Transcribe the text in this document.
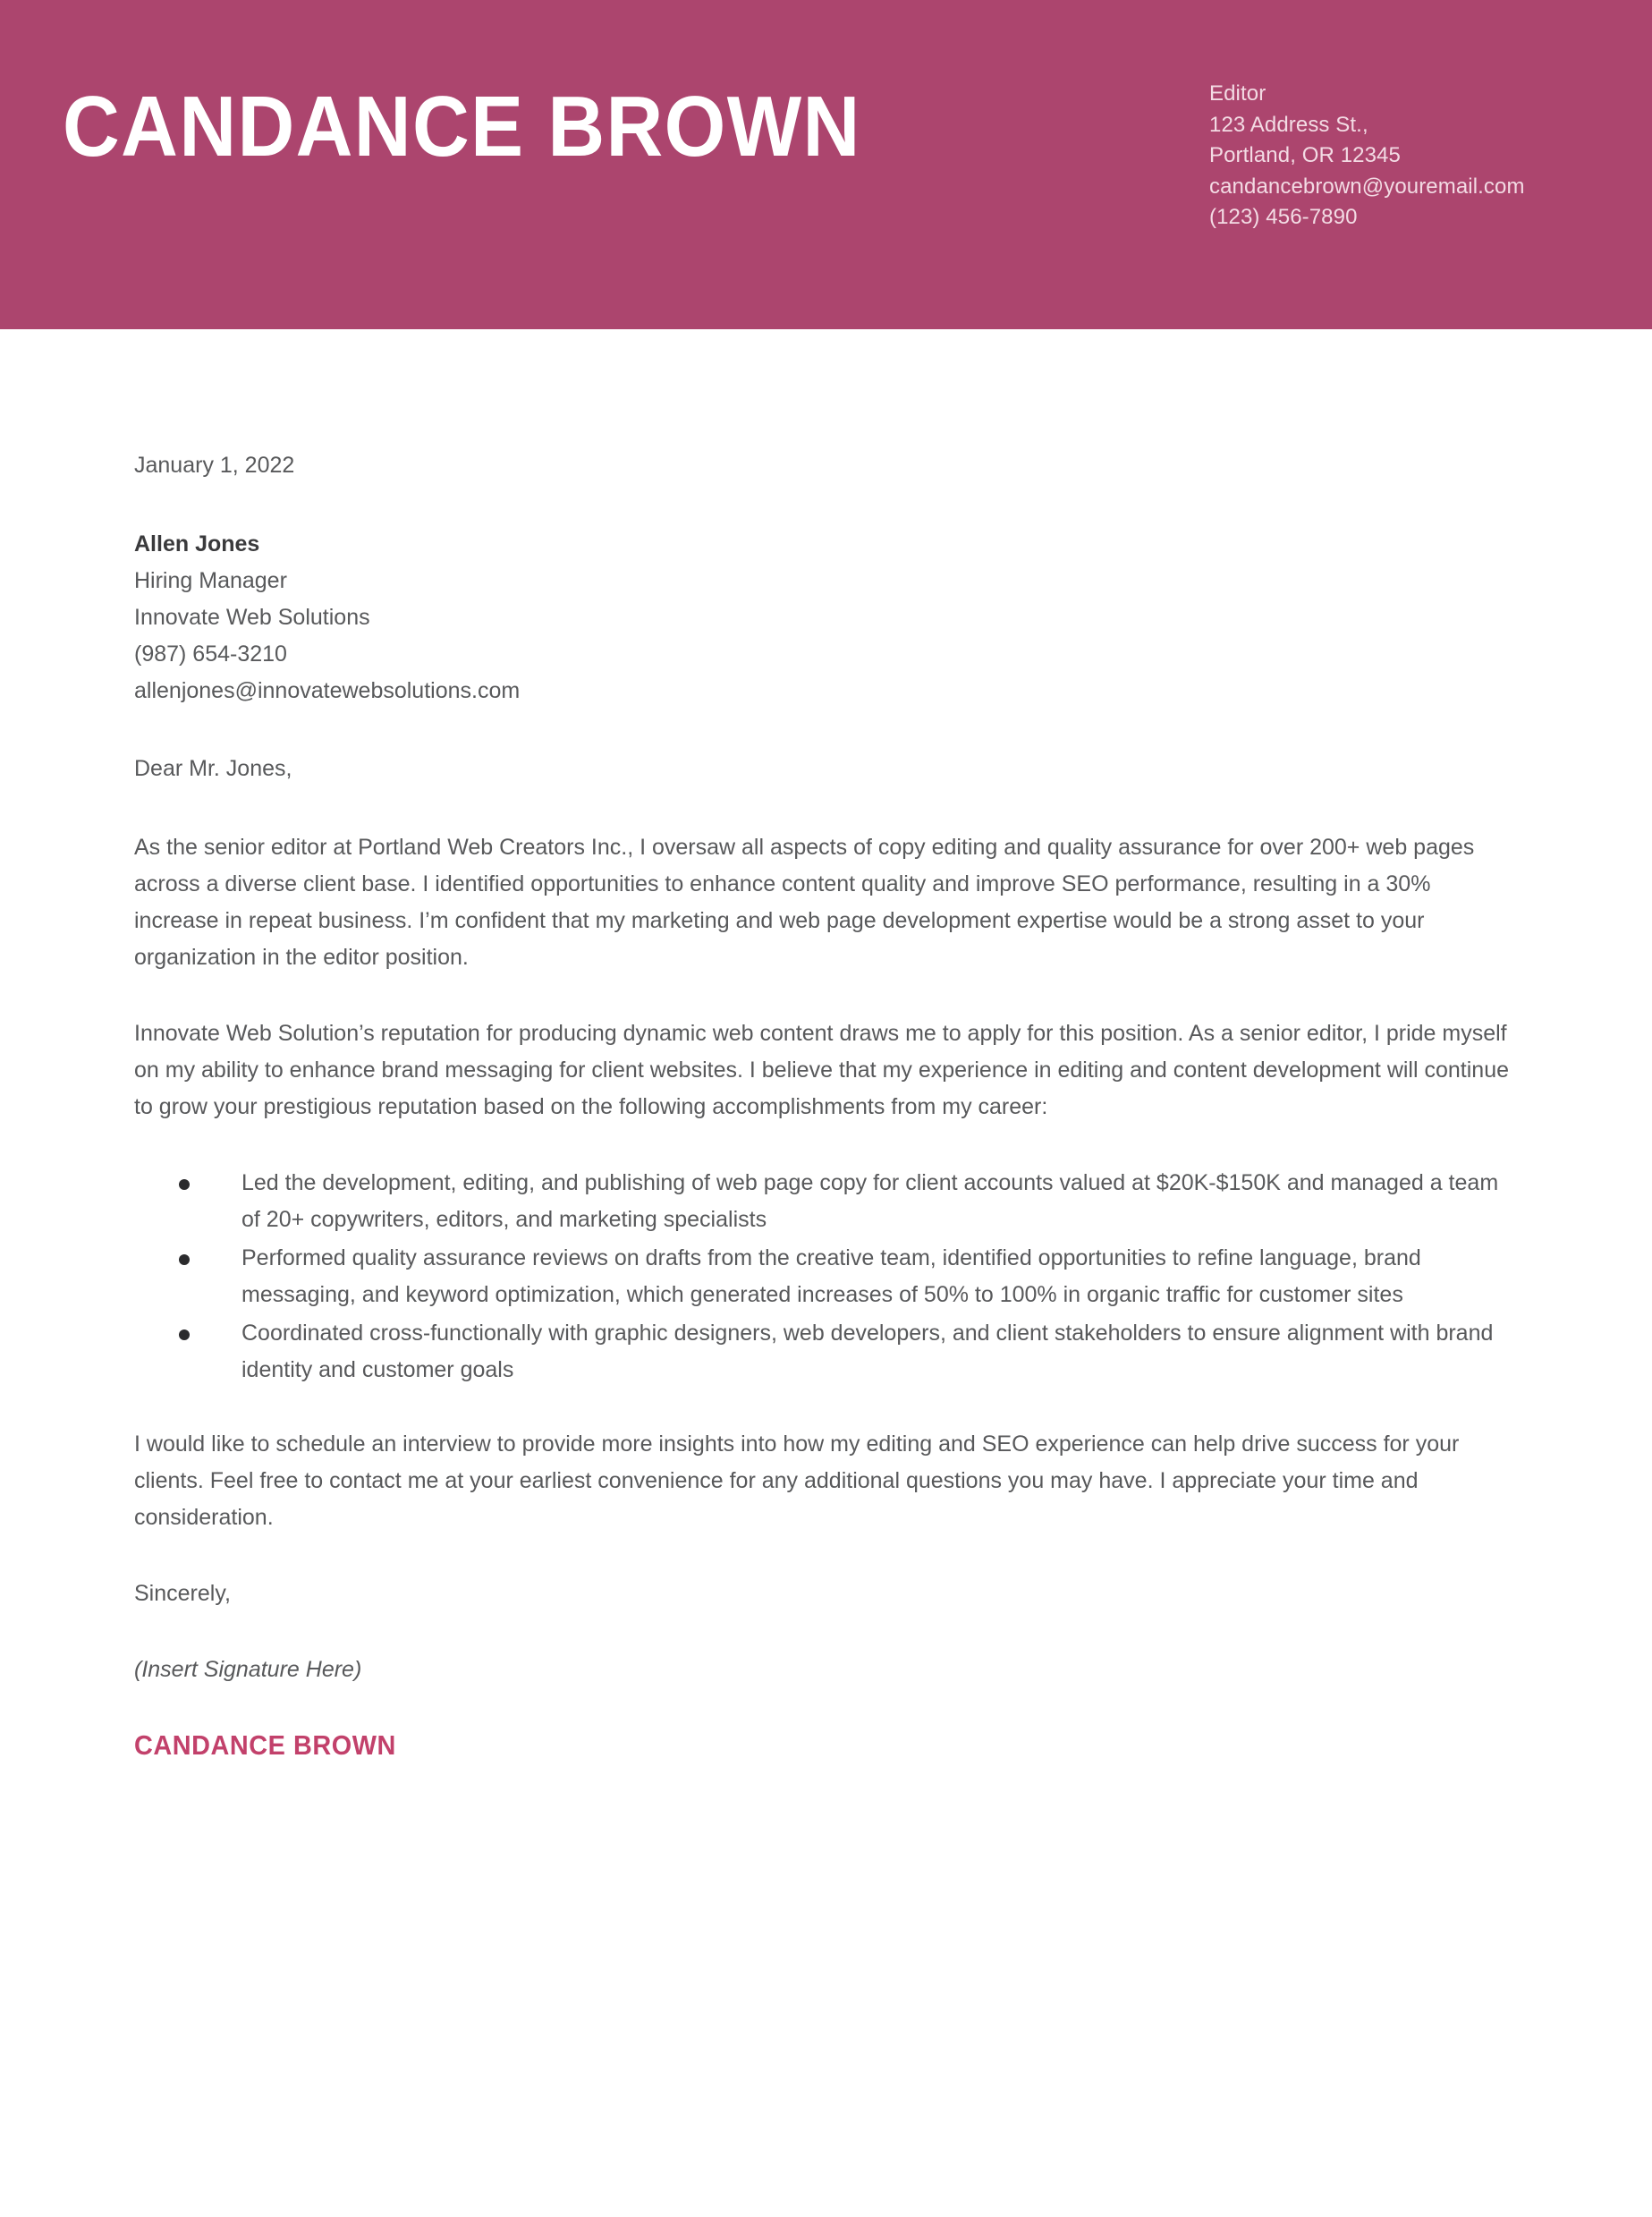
CANDANCE BROWN	Editor
123 Address St.,
Portland, OR 12345
candancebrown@youremail.com
(123) 456-7890
January 1, 2022
Allen Jones
Hiring Manager
Innovate Web Solutions
(987) 654-3210
allenjones@innovatewebsolutions.com
Dear Mr. Jones,

As the senior editor at Portland Web Creators Inc., I oversaw all aspects of copy editing and quality assurance for over 200+ web pages across a diverse client base. I identified opportunities to enhance content quality and improve SEO performance, resulting in a 30% increase in repeat business. I’m confident that my marketing and web page development expertise would be a strong asset to your organization in the editor position.

Innovate Web Solution’s reputation for producing dynamic web content draws me to apply for this position. As a senior editor, I pride myself on my ability to enhance brand messaging for client websites. I believe that my experience in editing and content development will continue to grow your prestigious reputation based on the following accomplishments from my career:

Led the development, editing, and publishing of web page copy for client accounts valued at $20K-$150K and managed a team of 20+ copywriters, editors, and marketing specialists
Performed quality assurance reviews on drafts from the creative team, identified opportunities to refine language, brand messaging, and keyword optimization, which generated increases of 50% to 100% in organic traffic for customer sites
Coordinated cross-functionally with graphic designers, web developers, and client stakeholders to ensure alignment with brand identity and customer goals

I would like to schedule an interview to provide more insights into how my editing and SEO experience can help drive success for your clients. Feel free to contact me at your earliest convenience for any additional questions you may have. I appreciate your time and consideration.

Sincerely,
(Insert Signature Here)
CANDANCE BROWN
